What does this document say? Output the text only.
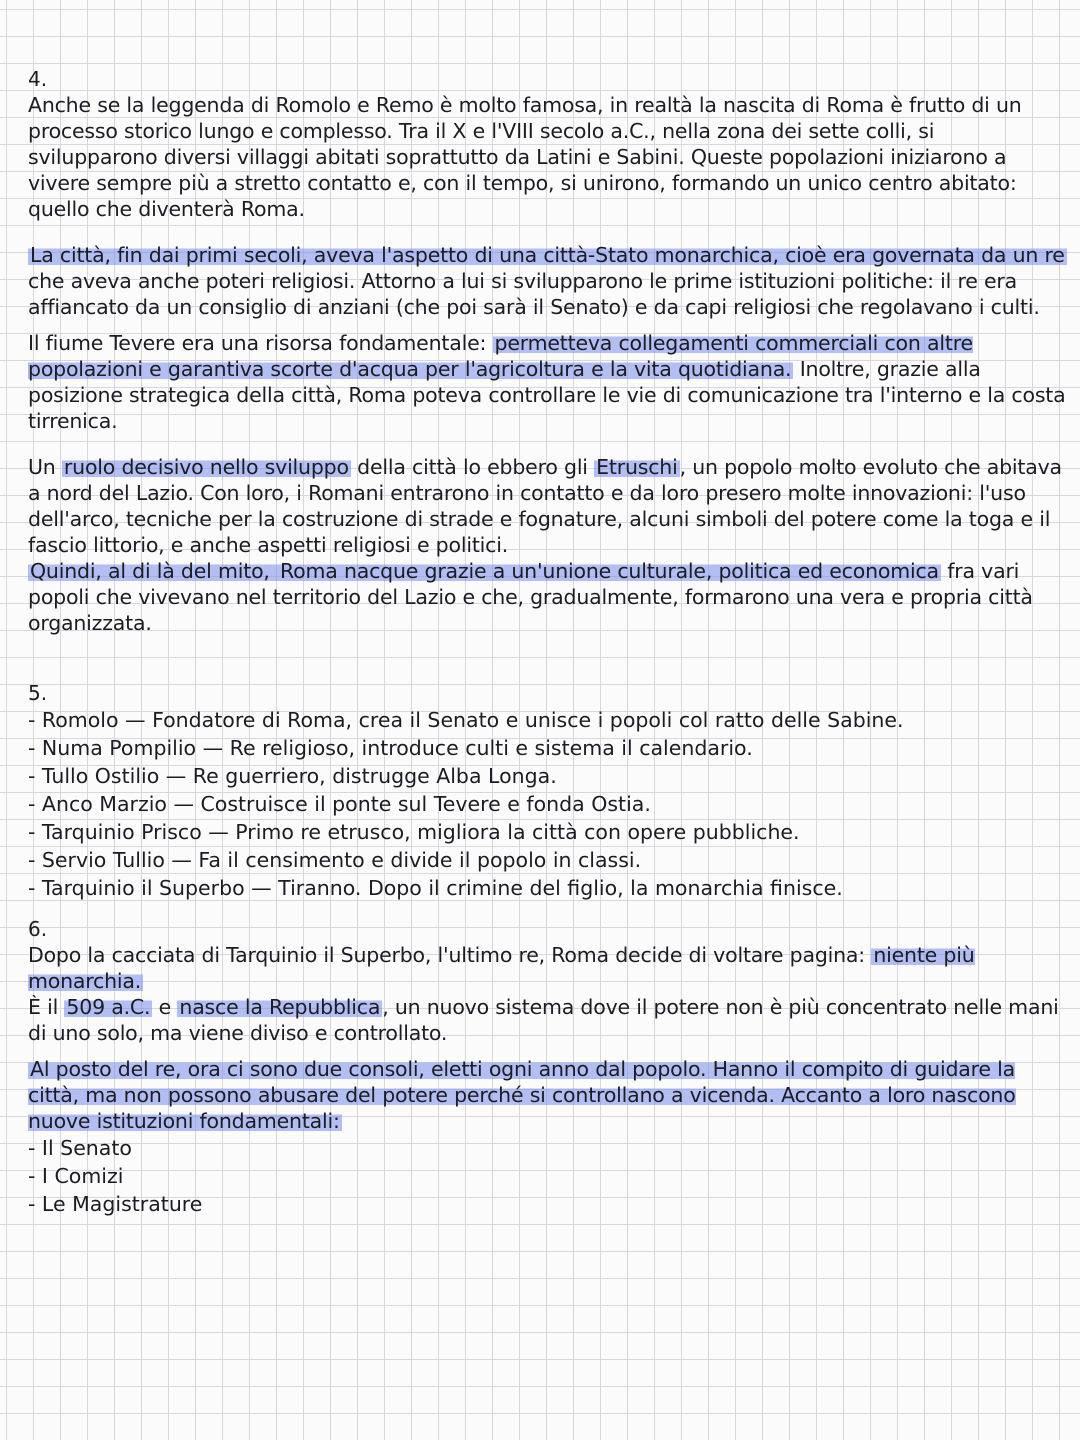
4.
Anche se la leggenda di Romolo e Remo è molto famosa, in realtà la nascita di Roma è frutto di un processo storico lungo e complesso. Tra il X e l'VIII secolo a.C., nella zona dei sette colli, si svilupparono diversi villaggi abitati soprattutto da Latini e Sabini. Queste popolazioni iniziarono a vivere sempre più a stretto contatto e, con il tempo, si unirono, formando un unico centro abitato: quello che diventerà Roma.
La città, fin dai primi secoli, aveva l'aspetto di una città-Stato monarchica, cioè era governata da un re che aveva anche poteri religiosi. Attorno a lui si svilupparono le prime istituzioni politiche: il re era affiancato da un consiglio di anziani (che poi sarà il Senato) e da capi religiosi che regolavano i culti.
Il fiume Tevere era una risorsa fondamentale: permetteva collegamenti commerciali con altre popolazioni e garantiva scorte d'acqua per l'agricoltura e la vita quotidiana. Inoltre, grazie alla posizione strategica della città, Roma poteva controllare le vie di comunicazione tra l'interno e la costa tirrenica.
Un ruolo decisivo nello sviluppo della città lo ebbero gli Etruschi, un popolo molto evoluto che abitava a nord del Lazio. Con loro, i Romani entrarono in contatto e da loro presero molte innovazioni: l'uso dell'arco, tecniche per la costruzione di strade e fognature, alcuni simboli del potere come la toga e il fascio littorio, e anche aspetti religiosi e politici.
Quindi, al di là del mito, Roma nacque grazie a un'unione culturale, politica ed economica fra vari popoli che vivevano nel territorio del Lazio e che, gradualmente, formarono una vera e propria città organizzata.
5.
- Romolo — Fondatore di Roma, crea il Senato e unisce i popoli col ratto delle Sabine.
- Numa Pompilio — Re religioso, introduce culti e sistema il calendario.
- Tullo Ostilio — Re guerriero, distrugge Alba Longa.
- Anco Marzio — Costruisce il ponte sul Tevere e fonda Ostia.
- Tarquinio Prisco — Primo re etrusco, migliora la città con opere pubbliche.
- Servio Tullio — Fa il censimento e divide il popolo in classi.
- Tarquinio il Superbo — Tiranno. Dopo il crimine del figlio, la monarchia finisce.
6.
Dopo la cacciata di Tarquinio il Superbo, l'ultimo re, Roma decide di voltare pagina: niente più monarchia.
È il 509 a.C. e nasce la Repubblica, un nuovo sistema dove il potere non è più concentrato nelle mani di uno solo, ma viene diviso e controllato.
Al posto del re, ora ci sono due consoli, eletti ogni anno dal popolo. Hanno il compito di guidare la città, ma non possono abusare del potere perché si controllano a vicenda. Accanto a loro nascono nuove istituzioni fondamentali:
- Il Senato
- I Comizi
- Le Magistrature
